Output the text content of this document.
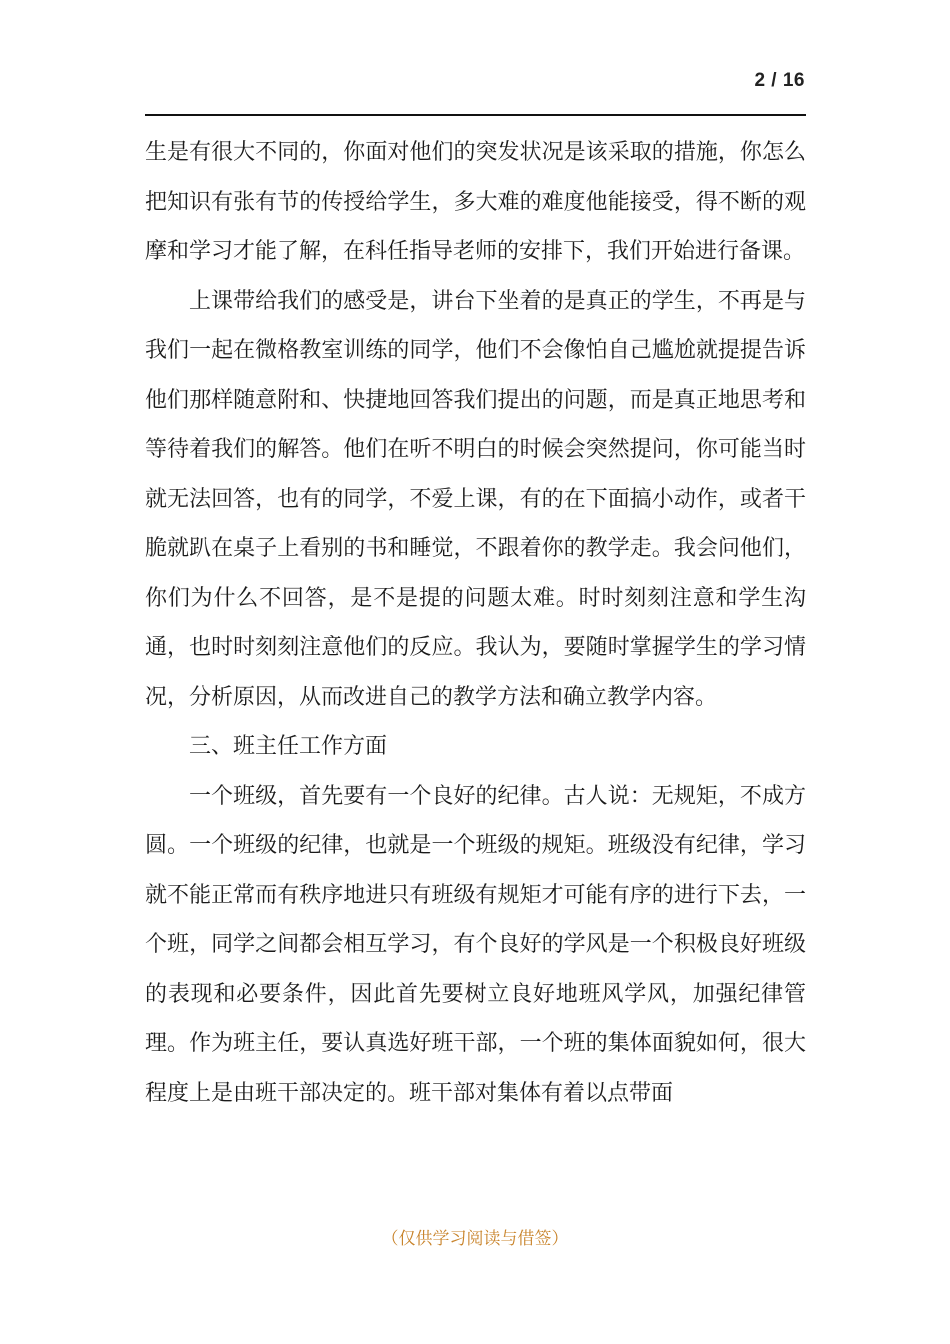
2 / 16

生是有很大不同的，你面对他们的突发状况是该采取的措施，你怎么把知识有张有节的传授给学生，多大难的难度他能接受，得不断的观摩和学习才能了解，在科任指导老师的安排下，我们开始进行备课。

上课带给我们的感受是，讲台下坐着的是真正的学生，不再是与我们一起在微格教室训练的同学，他们不会像怕自己尴尬就提提告诉他们那样随意附和、快捷地回答我们提出的问题，而是真正地思考和等待着我们的解答。他们在听不明白的时候会突然提问，你可能当时就无法回答，也有的同学，不爱上课，有的在下面搞小动作，或者干脆就趴在桌子上看别的书和睡觉，不跟着你的教学走。我会问他们，你们为什么不回答，是不是提的问题太难。时时刻刻注意和学生沟通，也时时刻刻注意他们的反应。我认为，要随时掌握学生的学习情况，分析原因，从而改进自己的教学方法和确立教学内容。

三、班主任工作方面

一个班级，首先要有一个良好的纪律。古人说：无规矩，不成方圆。一个班级的纪律，也就是一个班级的规矩。班级没有纪律，学习就不能正常而有秩序地进只有班级有规矩才可能有序的进行下去，一个班，同学之间都会相互学习，有个良好的学风是一个积极良好班级的表现和必要条件，因此首先要树立良好地班风学风，加强纪律管理。作为班主任，要认真选好班干部，一个班的集体面貌如何，很大程度上是由班干部决定的。班干部对集体有着以点带面

（仅供学习阅读与借签）
